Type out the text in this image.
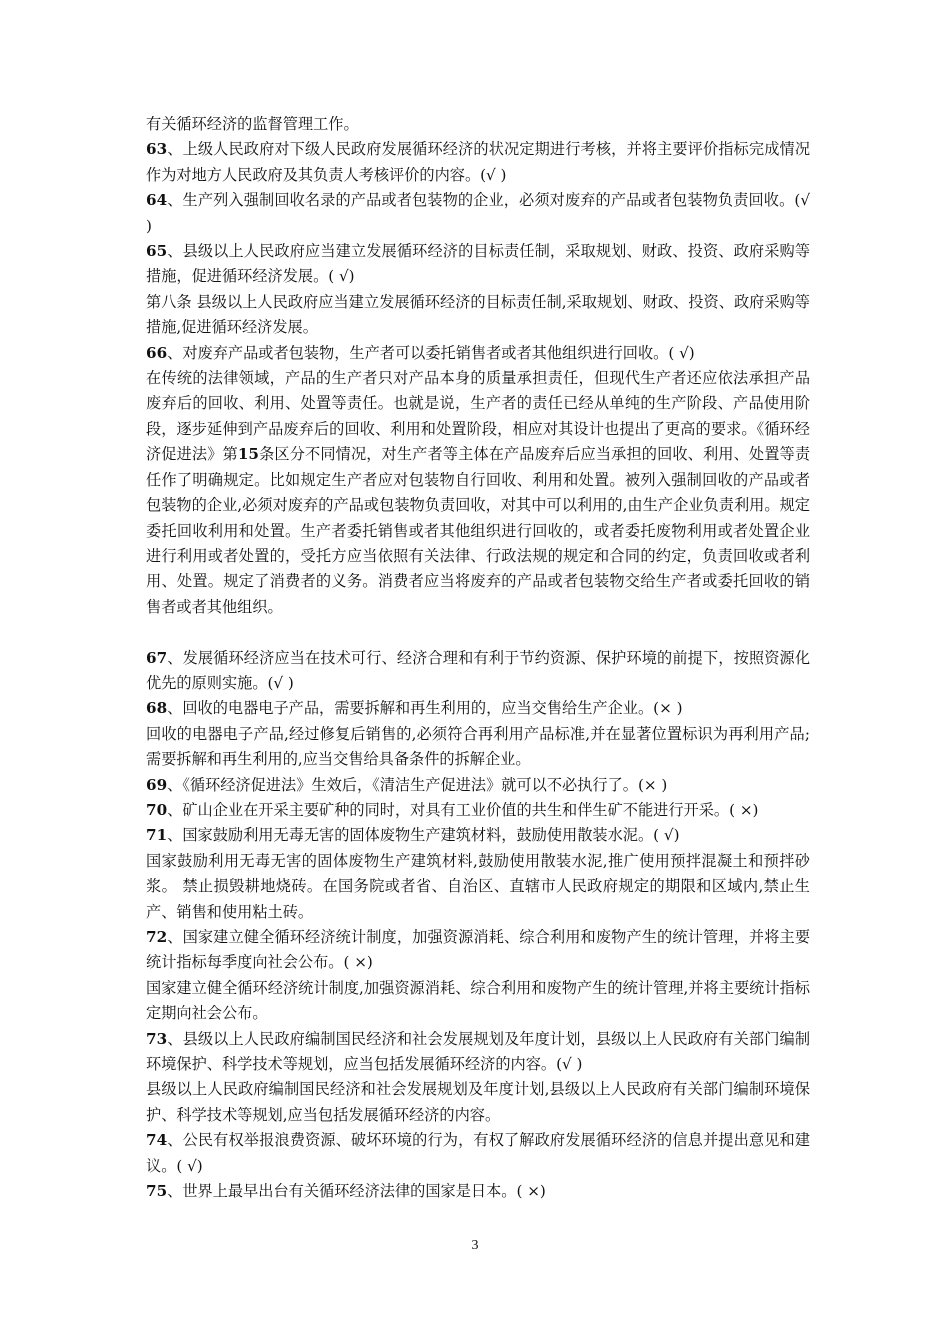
有关循环经济的监督管理工作。

63、上级人民政府对下级人民政府发展循环经济的状况定期进行考核，并将主要评价指标完成情况作为对地方人民政府及其负责人考核评价的内容。(√ )

64、生产列入强制回收名录的产品或者包装物的企业，必须对废弃的产品或者包装物负责回收。(√ )

65、县级以上人民政府应当建立发展循环经济的目标责任制，采取规划、财政、投资、政府采购等措施，促进循环经济发展。( √)

第八条 县级以上人民政府应当建立发展循环经济的目标责任制,采取规划、财政、投资、政府采购等措施,促进循环经济发展。

66、对废弃产品或者包装物，生产者可以委托销售者或者其他组织进行回收。( √)

在传统的法律领域，产品的生产者只对产品本身的质量承担责任，但现代生产者还应依法承担产品废弃后的回收、利用、处置等责任。也就是说，生产者的责任已经从单纯的生产阶段、产品使用阶段，逐步延伸到产品废弃后的回收、利用和处置阶段，相应对其设计也提出了更高的要求。《循环经济促进法》第15条区分不同情况，对生产者等主体在产品废弃后应当承担的回收、利用、处置等责任作了明确规定。比如规定生产者应对包装物自行回收、利用和处置。被列入强制回收的产品或者包装物的企业,必须对废弃的产品或包装物负责回收，对其中可以利用的,由生产企业负责利用。规定委托回收利用和处置。生产者委托销售或者其他组织进行回收的，或者委托废物利用或者处置企业进行利用或者处置的，受托方应当依照有关法律、行政法规的规定和合同的约定，负责回收或者利用、处置。规定了消费者的义务。消费者应当将废弃的产品或者包装物交给生产者或委托回收的销售者或者其他组织。

67、发展循环经济应当在技术可行、经济合理和有利于节约资源、保护环境的前提下，按照资源化优先的原则实施。(√ )

68、回收的电器电子产品，需要拆解和再生利用的，应当交售给生产企业。(× )

回收的电器电子产品,经过修复后销售的,必须符合再利用产品标准,并在显著位置标识为再利用产品;需要拆解和再生利用的,应当交售给具备条件的拆解企业。

69、《循环经济促进法》生效后，《清洁生产促进法》就可以不必执行了。(× )

70、矿山企业在开采主要矿种的同时，对具有工业价值的共生和伴生矿不能进行开采。( ×)

71、国家鼓励利用无毒无害的固体废物生产建筑材料，鼓励使用散装水泥。( √)

国家鼓励利用无毒无害的固体废物生产建筑材料,鼓励使用散装水泥,推广使用预拌混凝土和预拌砂浆。 禁止损毁耕地烧砖。在国务院或者省、自治区、直辖市人民政府规定的期限和区域内,禁止生产、销售和使用粘土砖。

72、国家建立健全循环经济统计制度，加强资源消耗、综合利用和废物产生的统计管理，并将主要统计指标每季度向社会公布。( ×)

国家建立健全循环经济统计制度,加强资源消耗、综合利用和废物产生的统计管理,并将主要统计指标定期向社会公布。

73、县级以上人民政府编制国民经济和社会发展规划及年度计划，县级以上人民政府有关部门编制环境保护、科学技术等规划，应当包括发展循环经济的内容。(√ )

县级以上人民政府编制国民经济和社会发展规划及年度计划,县级以上人民政府有关部门编制环境保护、科学技术等规划,应当包括发展循环经济的内容。

74、公民有权举报浪费资源、破坏环境的行为，有权了解政府发展循环经济的信息并提出意见和建议。( √)

75、世界上最早出台有关循环经济法律的国家是日本。( ×)

3
